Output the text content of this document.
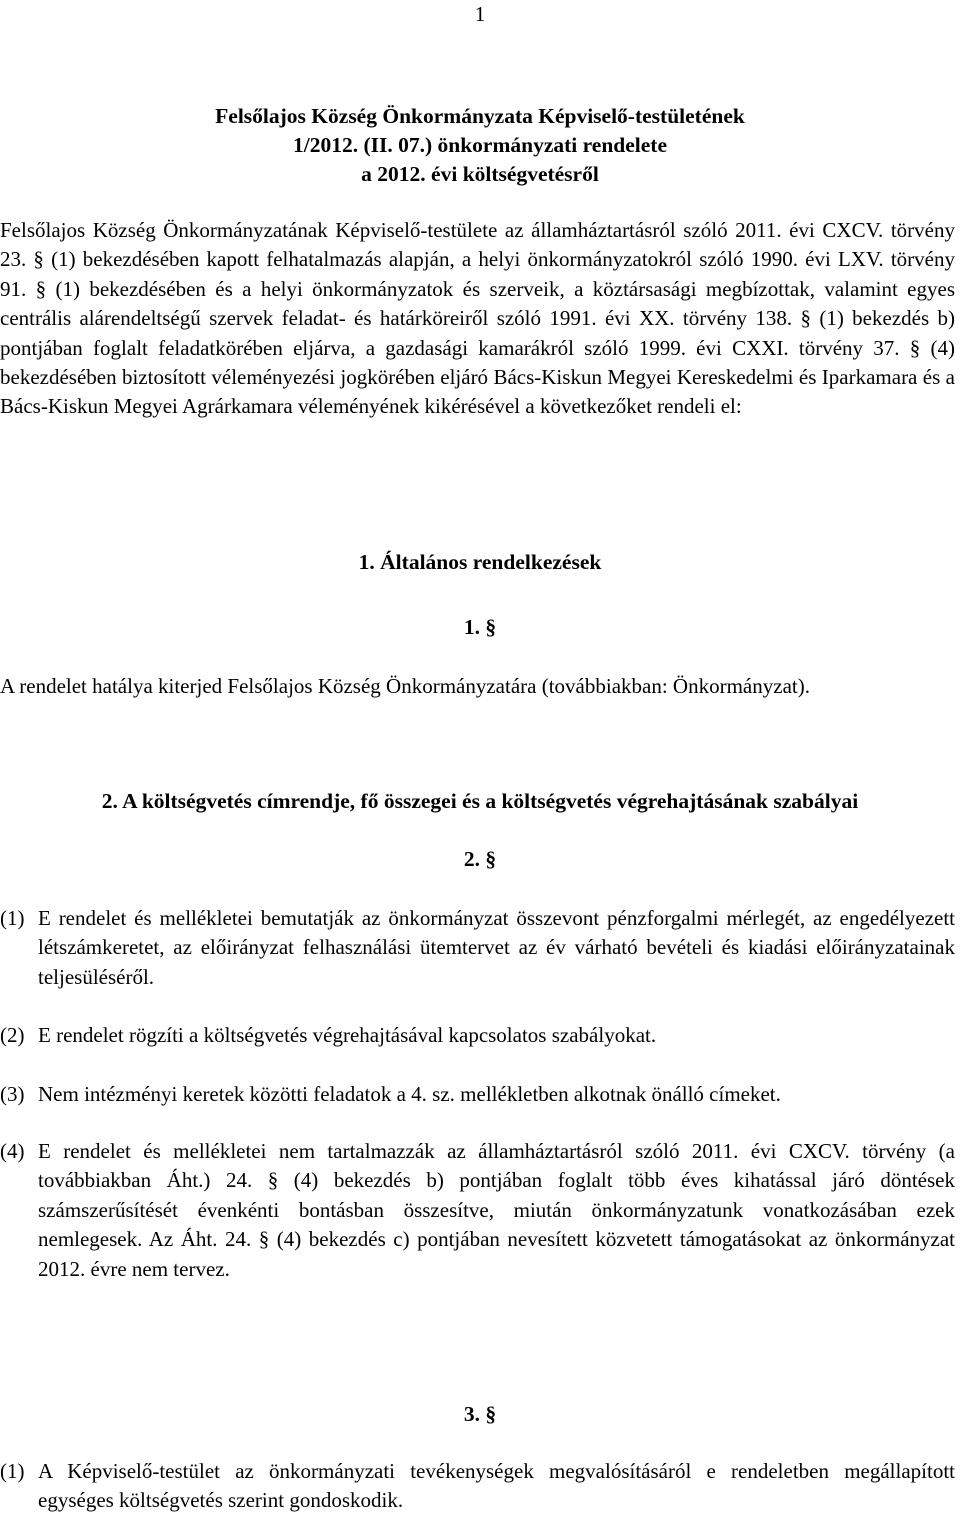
1
Felsőlajos Község Önkormányzata Képviselő-testületének
1/2012. (II. 07.) önkormányzati rendelete
a 2012. évi költségvetésről
Felsőlajos Község Önkormányzatának Képviselő-testülete az államháztartásról szóló 2011. évi CXCV. törvény 23. § (1) bekezdésében kapott felhatalmazás alapján, a helyi önkormányzatokról szóló 1990. évi LXV. törvény 91. § (1) bekezdésében és a helyi önkormányzatok és szerveik, a köztársasági megbízottak, valamint egyes centrális alárendeltségű szervek feladat- és határköreiről szóló 1991. évi XX. törvény 138. § (1) bekezdés b) pontjában foglalt feladatkörében eljárva, a gazdasági kamarákról szóló 1999. évi CXXI. törvény 37. § (4) bekezdésében biztosított véleményezési jogkörében eljáró Bács-Kiskun Megyei Kereskedelmi és Iparkamara és a Bács-Kiskun Megyei Agrárkamara véleményének kikérésével a következőket rendeli el:
1. Általános rendelkezések
1. §
A rendelet hatálya kiterjed Felsőlajos Község Önkormányzatára (továbbiakban: Önkormányzat).
2. A költségvetés címrendje, fő összegei és a költségvetés végrehajtásának szabályai
2. §
(1) E rendelet és mellékletei bemutatják az önkormányzat összevont pénzforgalmi mérlegét, az engedélyezett létszámkeretet, az előirányzat felhasználási ütemtervet az év várható bevételi és kiadási előirányzatainak teljesüléséről.
(2) E rendelet rögzíti a költségvetés végrehajtásával kapcsolatos szabályokat.
(3) Nem intézményi keretek közötti feladatok a 4. sz. mellékletben alkotnak önálló címeket.
(4) E rendelet és mellékletei nem tartalmazzák az államháztartásról szóló 2011. évi CXCV. törvény (a továbbiakban Áht.) 24. § (4) bekezdés b) pontjában foglalt több éves kihatással járó döntések számszerűsítését évenkénti bontásban összesítve, miután önkormányzatunk vonatkozásában ezek nemlegesek. Az Áht. 24. § (4) bekezdés c) pontjában nevesített közvetett támogatásokat az önkormányzat 2012. évre nem tervez.
3. §
(1) A Képviselő-testület az önkormányzati tevékenységek megvalósításáról e rendeletben megállapított egységes költségvetés szerint gondoskodik.
